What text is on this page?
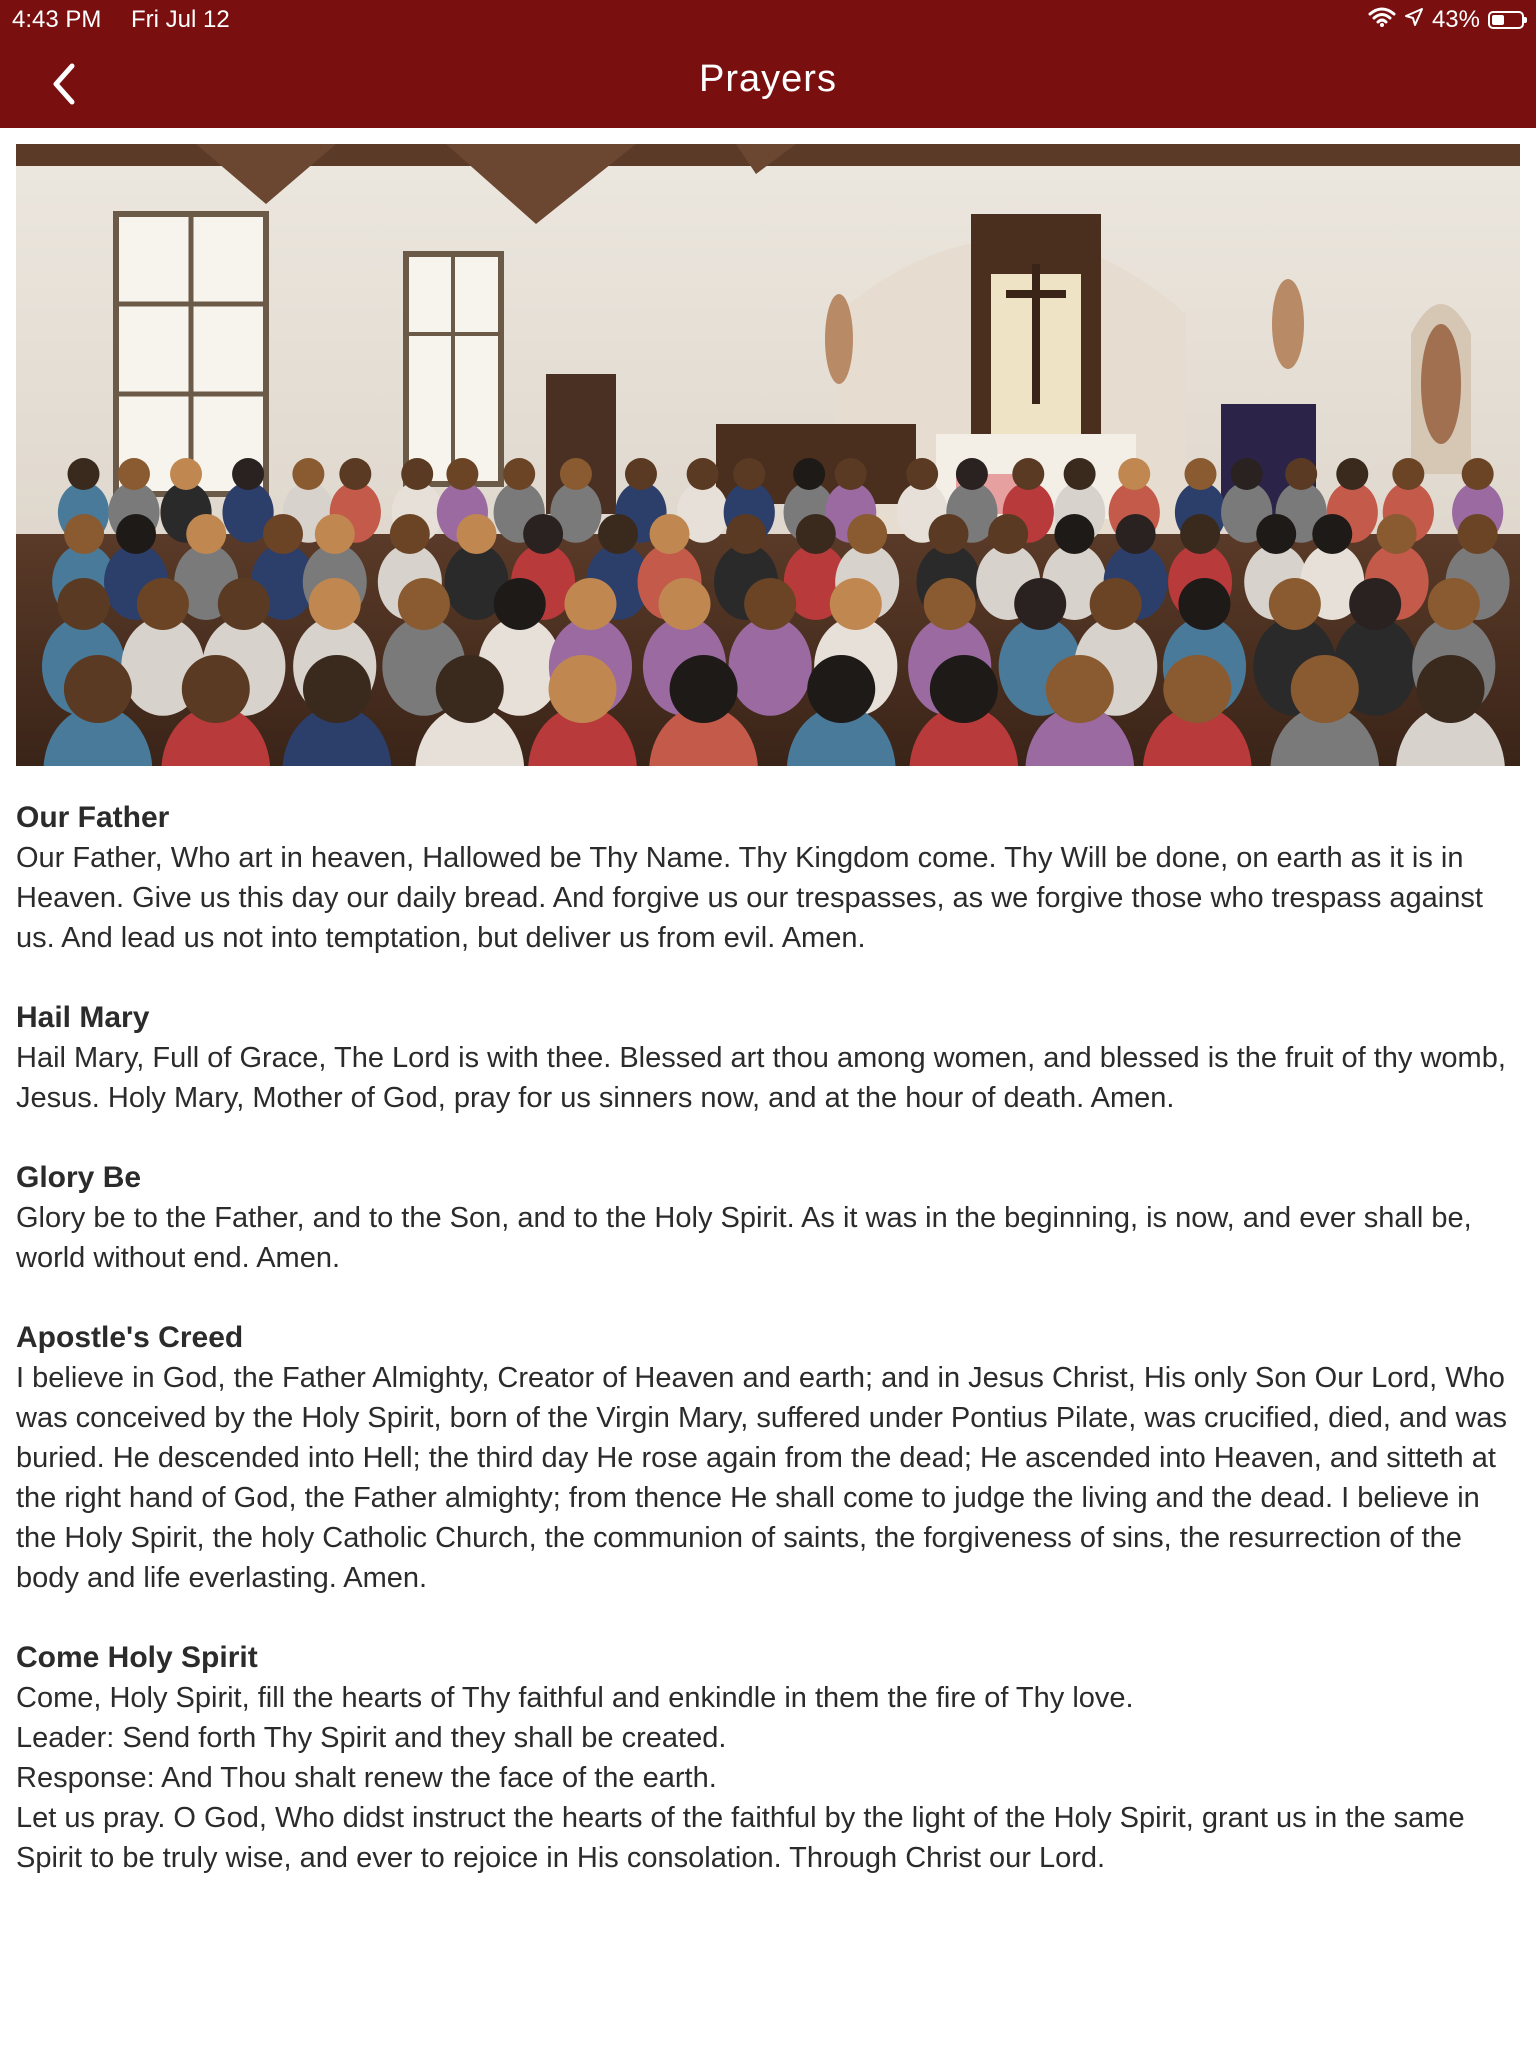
4:43 PM Fri Jul 12	43%
Prayers
Our Father
Our Father, Who art in heaven, Hallowed be Thy Name. Thy Kingdom come. Thy Will be done, on earth as it is in Heaven. Give us this day our daily bread. And forgive us our trespasses, as we forgive those who trespass against us. And lead us not into temptation, but deliver us from evil. Amen.
Hail Mary
Hail Mary, Full of Grace, The Lord is with thee. Blessed art thou among women, and blessed is the fruit of thy womb, Jesus. Holy Mary, Mother of God, pray for us sinners now, and at the hour of death. Amen.
Glory Be
Glory be to the Father, and to the Son, and to the Holy Spirit. As it was in the beginning, is now, and ever shall be, world without end. Amen.
Apostle's Creed
I believe in God, the Father Almighty, Creator of Heaven and earth; and in Jesus Christ, His only Son Our Lord, Who was conceived by the Holy Spirit, born of the Virgin Mary, suffered under Pontius Pilate, was crucified, died, and was buried. He descended into Hell; the third day He rose again from the dead; He ascended into Heaven, and sitteth at the right hand of God, the Father almighty; from thence He shall come to judge the living and the dead. I believe in the Holy Spirit, the holy Catholic Church, the communion of saints, the forgiveness of sins, the resurrection of the body and life everlasting. Amen.
Come Holy Spirit
Come, Holy Spirit, fill the hearts of Thy faithful and enkindle in them the fire of Thy love.
Leader: Send forth Thy Spirit and they shall be created.
Response: And Thou shalt renew the face of the earth.
Let us pray. O God, Who didst instruct the hearts of the faithful by the light of the Holy Spirit, grant us in the same Spirit to be truly wise, and ever to rejoice in His consolation. Through Christ our Lord.
